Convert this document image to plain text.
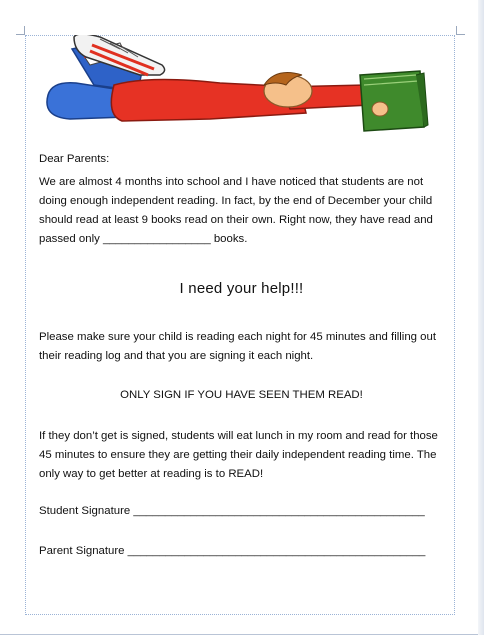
Dear Parents:

We are almost 4 months into school and I have noticed that students are not doing enough independent reading. In fact, by the end of December your child should read at least 9 books read on their own. Right now, they have read and passed only _________________ books.

I need your help!!!

Please make sure your child is reading each night for 45 minutes and filling out their reading log and that you are signing it each night.

ONLY SIGN IF YOU HAVE SEEN THEM READ!

If they don’t get is signed, students will eat lunch in my room and read for those 45 minutes to ensure they are getting their daily independent reading time. The only way to get better at reading is to READ!

Student Signature ______________________________________________

Parent Signature _______________________________________________
